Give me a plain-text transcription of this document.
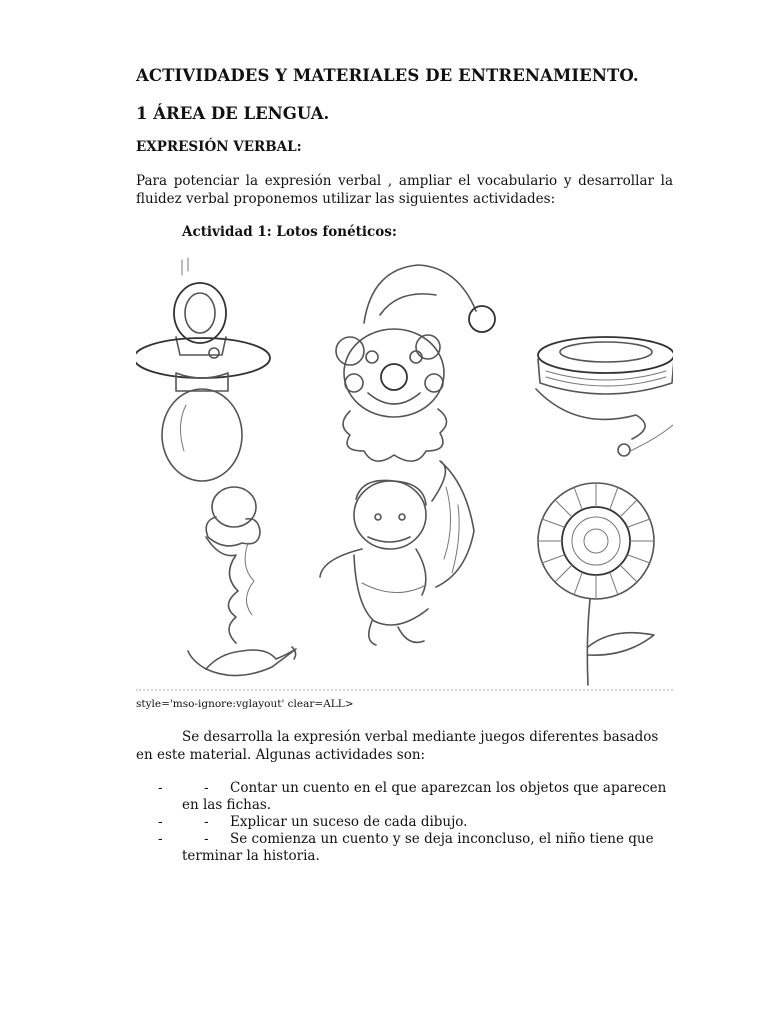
ACTIVIDADES Y MATERIALES DE ENTRENAMIENTO.
1 ÁREA DE LENGUA.
EXPRESIÓN VERBAL:
Para potenciar la expresión verbal , ampliar el vocabulario y desarrollar la fluidez verbal proponemos utilizar las siguientes actividades:
Actividad 1: Lotos fonéticos:
style='mso-ignore:vglayout' clear=ALL>
Se desarrolla la expresión verbal mediante juegos diferentes basados en este material. Algunas actividades son:
-	-	Contar un cuento en el que aparezcan los objetos que aparecen en las fichas.
-	-	Explicar un suceso de cada dibujo.
-	-	Se comienza un cuento y se deja inconcluso, el niño tiene que terminar la historia.
